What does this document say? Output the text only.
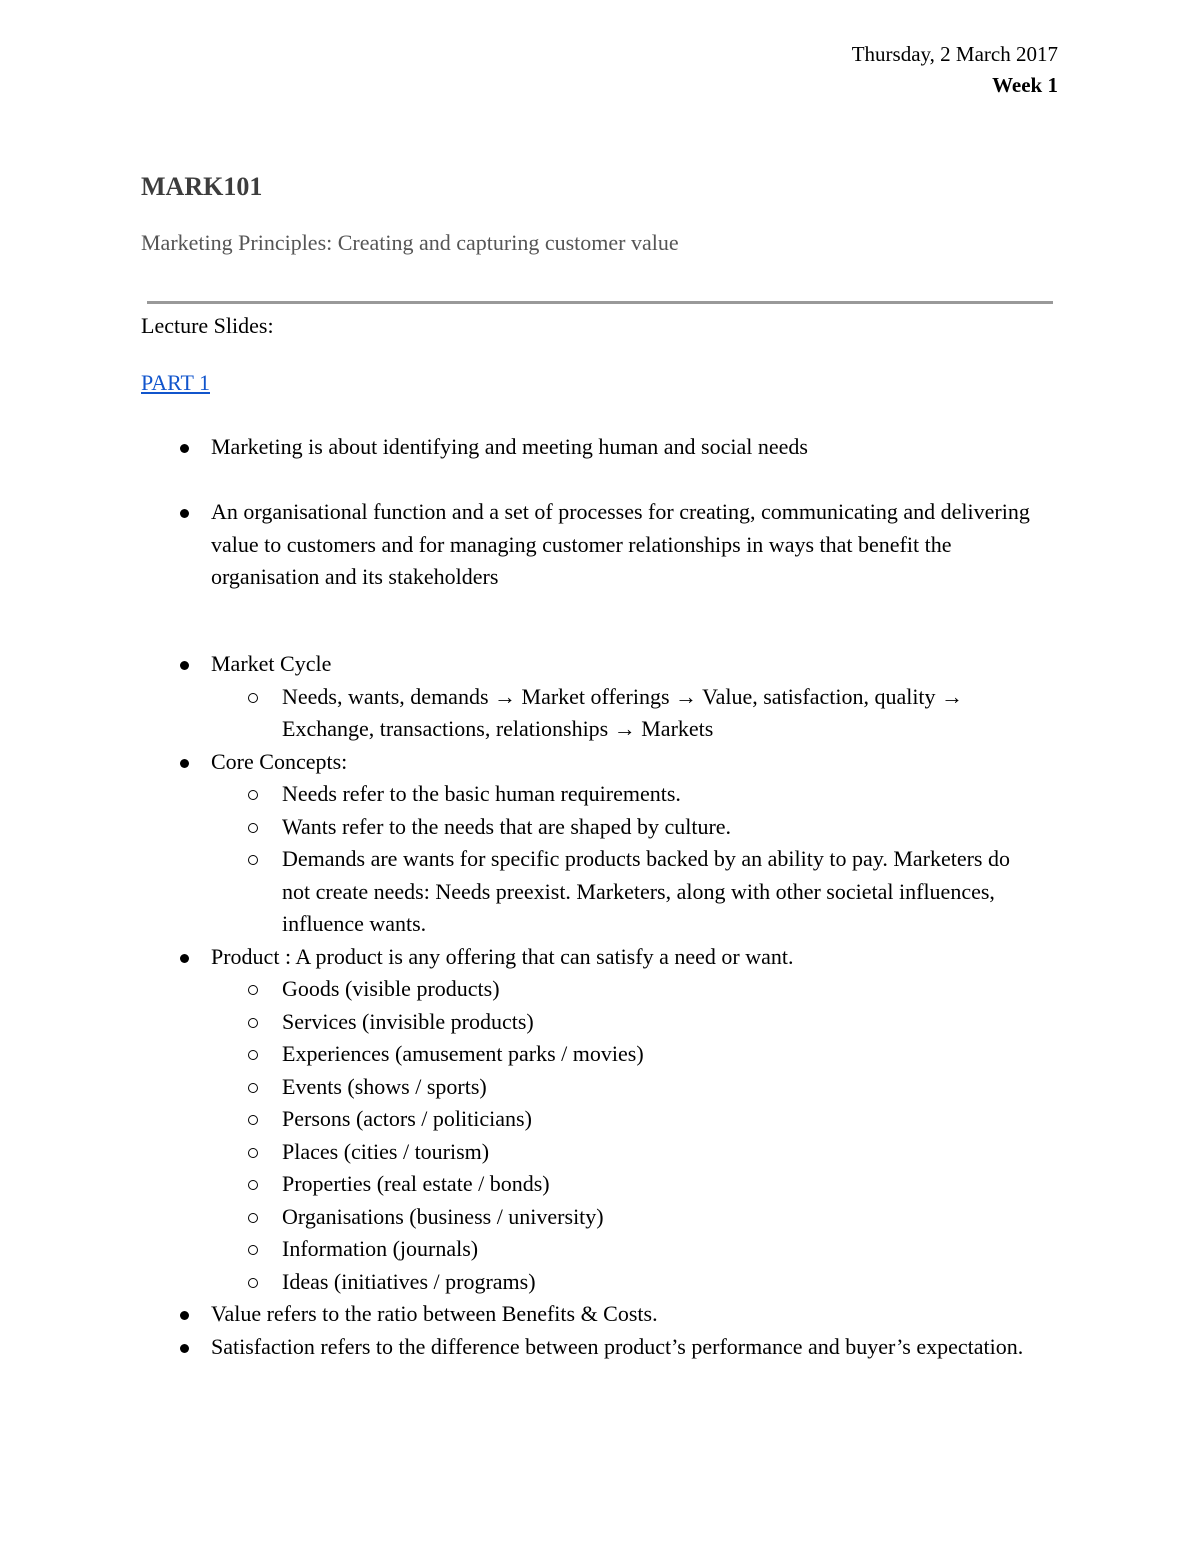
Thursday, 2 March 2017
Week 1
MARK101
Marketing Principles: Creating and capturing customer value
Lecture Slides:
PART 1
Marketing is about identifying and meeting human and social needs
An organisational function and a set of processes for creating, communicating and delivering value to customers and for managing customer relationships in ways that benefit the organisation and its stakeholders
Market Cycle
Needs, wants, demands → Market offerings → Value, satisfaction, quality → Exchange, transactions, relationships → Markets
Core Concepts:
Needs refer to the basic human requirements.
Wants refer to the needs that are shaped by culture.
Demands are wants for specific products backed by an ability to pay. Marketers do not create needs: Needs preexist. Marketers, along with other societal influences, influence wants.
Product : A product is any offering that can satisfy a need or want.
Goods (visible products)
Services (invisible products)
Experiences (amusement parks / movies)
Events (shows / sports)
Persons (actors / politicians)
Places (cities / tourism)
Properties (real estate / bonds)
Organisations (business / university)
Information (journals)
Ideas (initiatives / programs)
Value refers to the ratio between Benefits & Costs.
Satisfaction refers to the difference between product’s performance and buyer’s expectation.
